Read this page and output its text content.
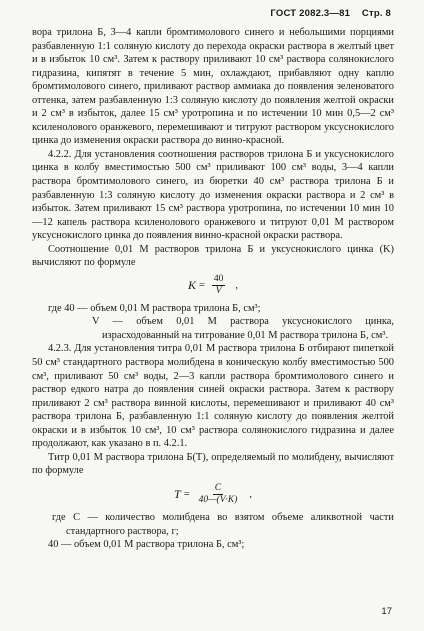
ГОСТ 2082.3—81 Стр. 8

вора трилона Б, 3—4 капли бромтимолового синего и небольшими порциями разбавленную 1:1 соляную кислоту до перехода окраски раствора в желтый цвет и в избыток 10 см³. Затем к раствору приливают 10 см³ раствора солянокислого гидразина, кипятят в течение 5 мин, охлаждают, прибавляют одну каплю бромтимолового синего, приливают раствор аммиака до появления зеленоватого оттенка, затем разбавленную 1:3 соляную кислоту до появления желтой окраски и 2 см³ в избыток, далее 15 см³ уротропина и по истечении 10 мин 0,5—2 см³ ксиленолового оранжевого, перемешивают и титруют раствором уксуснокислого цинка до изменения окраски раствора до винно-красной.

4.2.2. Для установления соотношения растворов трилона Б и уксуснокислого цинка в колбу вместимостью 500 см³ приливают 100 см³ воды, 3—4 капли раствора бромтимолового синего, из бюретки 40 см³ раствора трилона Б и разбавленную 1:3 соляную кислоту до изменения окраски раствора и 2 см³ в избыток. Затем приливают 15 см³ раствора уротропина, по истечении 10 мин 10—12 капель раствора ксиленолового оранжевого и титруют 0,01 М раствором уксуснокислого цинка до появления винно-красной окраски раствора.

Соотношение 0,01 М растворов трилона Б и уксуснокислого цинка (K) вычисляют по формуле

$K = \frac{40}{V}$ ,

где 40 — объем 0,01 М раствора трилона Б, см³;

V — объем 0,01 М раствора уксуснокислого цинка, израсходованный на титрование 0,01 М раствора трилона Б, см³.

4.2.3. Для установления титра 0,01 М раствора трилона Б отбирают пипеткой 50 см³ стандартного раствора молибдена в коническую колбу вместимостью 500 см³, приливают 50 см³ воды, 2—3 капли раствора бромтимолового синего и раствор едкого натра до появления синей окраски раствора. Затем к раствору приливают 2 см³ раствора винной кислоты, перемешивают и приливают 40 см³ раствора трилона Б, разбавленную 1:1 соляную кислоту до появления желтой окраски и в избыток 10 см³, 10 см³ раствора солянокислого гидразина и далее продолжают, как указано в п. 4.2.1.

Титр 0,01 М раствора трилона Б(T), определяемый по молибдену, вычисляют по формуле

$T = \frac{C}{40—(V\cdot K)}$ ,

где C — количество молибдена во взятом объеме аликвотной части стандартного раствора, г;

40 — объем 0,01 М раствора трилона Б, см³;

17
